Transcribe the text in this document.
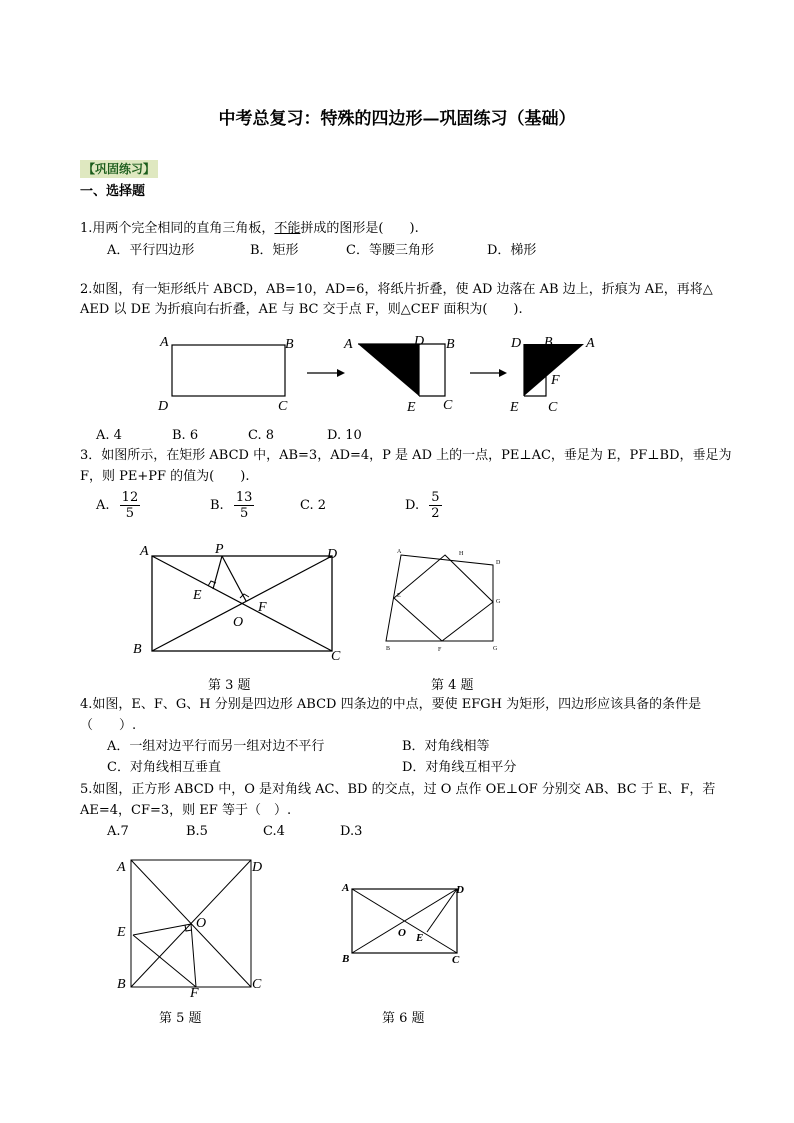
中考总复习：特殊的四边形—巩固练习（基础）
【巩固练习】
一、选择题
1.用两个完全相同的直角三角板，不能拼成的图形是(　　).
A．平行四边形	B．矩形	C．等腰三角形	D．梯形
2.如图，有一矩形纸片 ABCD，AB=10，AD=6，将纸片折叠，使 AD 边落在 AB 边上，折痕为 AE，再将△
AED 以 DE 为折痕向右折叠，AE 与 BC 交于点 F，则△CEF 面积为(　　).
A	B
D	C
A	D B
E C
D B A
F
E C
A. 4	B. 6	C. 8	D. 10
3．如图所示，在矩形 ABCD 中，AB=3，AD=4，P 是 AD 上的一点，PE⊥AC，垂足为 E，PF⊥BD，垂足为
F，则 PE+PF 的值为(　　).
A. $\frac{12}{5}$	B. $\frac{13}{5}$	C. 2	D. $\frac{5}{2}$
A	P	D
E
F
O
B	C
A	H
D
E
G
B	F	G
第 3 题	第 4 题
4.如图，E、F、G、H 分别是四边形 ABCD 四条边的中点，要使 EFGH 为矩形，四边形应该具备的条件是
（　　）.
A．一组对边平行而另一组对边不平行	B．对角线相等
C．对角线相互垂直	D．对角线互相平分
5.如图，正方形 ABCD 中，O 是对角线 AC、BD 的交点，过 O 点作 OE⊥OF 分别交 AB、BC 于 E、F，若
AE=4，CF=3，则 EF 等于（　）.
A.7	B.5	C.4	D.3
A	D
O
E
B	C
F
A	D
O E
B	C
第 5 题	第 6 题
